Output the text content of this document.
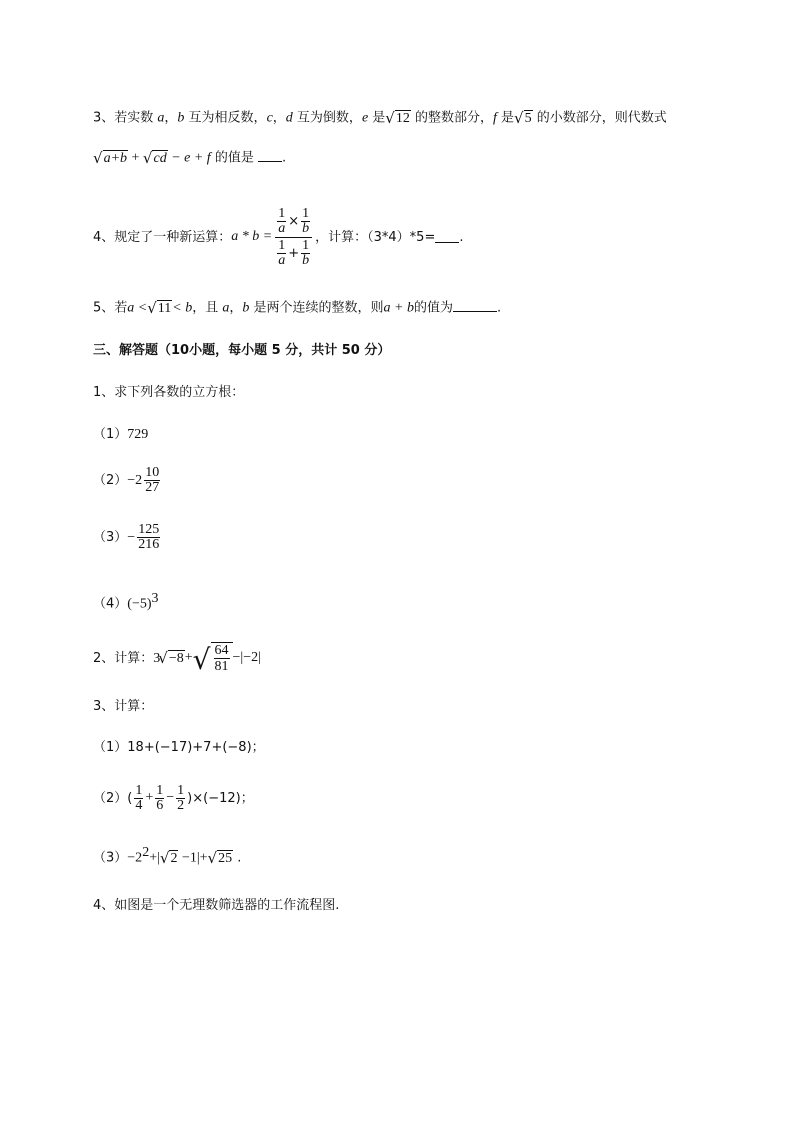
3、若实数 a，b 互为相反数，c，d 互为倒数，e 是 √ 12 的整数部分，f 是 √ 5 的小数部分，则代数式
√ a+b + √ cd − e + f 的值是 .
4、规定了一种新运算： a * b =
$\frac{1}{a} \times \frac{1}{b}$
$\frac{1}{a} + \frac{1}{b}$
，计算：（3*4）*5= .
5、若a < √ 11 < b，且 a，b 是两个连续的整数，则a + b的值为	.
三、解答题（10小题，每小题 5 分，共计 50 分）
1、求下列各数的立方根：
（1）729
$(2) -2 \frac{10}{27}$
$(3) - \frac{125}{216}$
$(4)(-5)^3$
2、计算： 3
√ −8 + √ $\frac{64}{81} - |-2|$
3、计算：
（1）18+(−17)+7+(−8)；
$(2)( \frac{1}{4} + \frac{1}{6} - \frac{1}{2} )\times(-12)$；
$(3)-2^2+|$ √ 2 −1|+ √ 25 .
4、如图是一个无理数筛选器的工作流程图.
